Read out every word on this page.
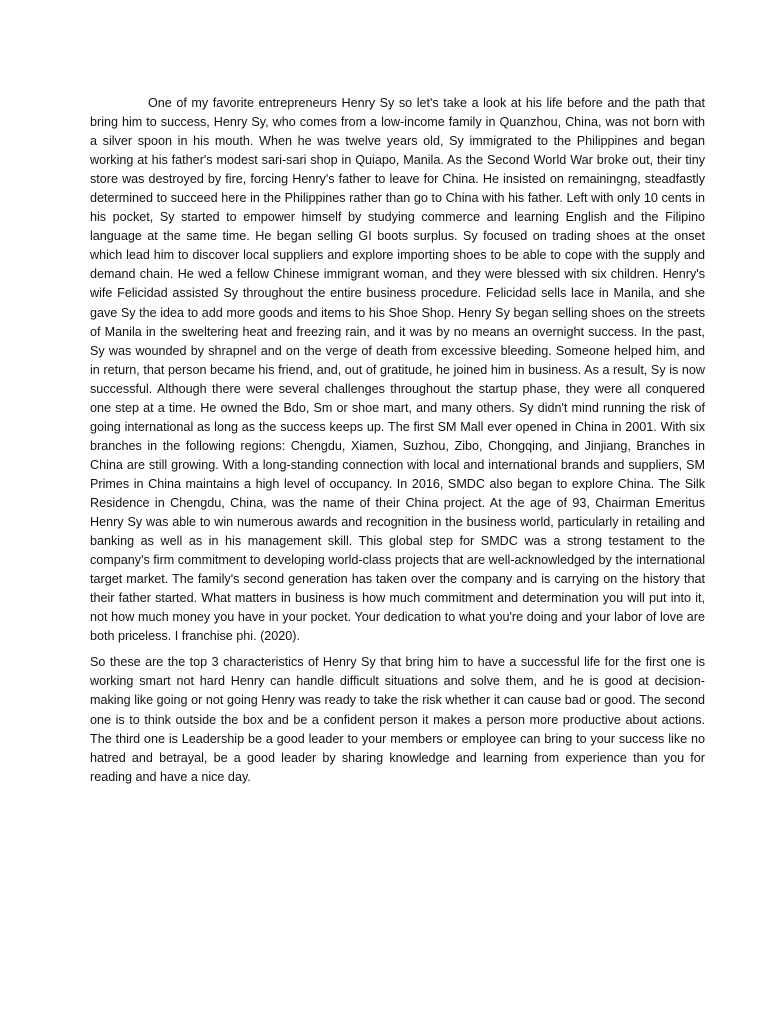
One of my favorite entrepreneurs Henry Sy so let's take a look at his life before and the path that bring him to success, Henry Sy, who comes from a low-income family in Quanzhou, China, was not born with a silver spoon in his mouth. When he was twelve years old, Sy immigrated to the Philippines and began working at his father's modest sari-sari shop in Quiapo, Manila. As the Second World War broke out, their tiny store was destroyed by fire, forcing Henry's father to leave for China. He insisted on remainingng, steadfastly determined to succeed here in the Philippines rather than go to China with his father. Left with only 10 cents in his pocket, Sy started to empower himself by studying commerce and learning English and the Filipino language at the same time. He began selling GI boots surplus. Sy focused on trading shoes at the onset which lead him to discover local suppliers and explore importing shoes to be able to cope with the supply and demand chain. He wed a fellow Chinese immigrant woman, and they were blessed with six children. Henry's wife Felicidad assisted Sy throughout the entire business procedure. Felicidad sells lace in Manila, and she gave Sy the idea to add more goods and items to his Shoe Shop. Henry Sy began selling shoes on the streets of Manila in the sweltering heat and freezing rain, and it was by no means an overnight success. In the past, Sy was wounded by shrapnel and on the verge of death from excessive bleeding. Someone helped him, and in return, that person became his friend, and, out of gratitude, he joined him in business. As a result, Sy is now successful. Although there were several challenges throughout the startup phase, they were all conquered one step at a time. He owned the Bdo, Sm or shoe mart, and many others. Sy didn't mind running the risk of going international as long as the success keeps up. The first SM Mall ever opened in China in 2001. With six branches in the following regions: Chengdu, Xiamen, Suzhou, Zibo, Chongqing, and Jinjiang, Branches in China are still growing. With a long-standing connection with local and international brands and suppliers, SM Primes in China maintains a high level of occupancy. In 2016, SMDC also began to explore China. The Silk Residence in Chengdu, China, was the name of their China project. At the age of 93, Chairman Emeritus Henry Sy was able to win numerous awards and recognition in the business world, particularly in retailing and banking as well as in his management skill. This global step for SMDC was a strong testament to the company's firm commitment to developing world-class projects that are well-acknowledged by the international target market. The family's second generation has taken over the company and is carrying on the history that their father started. What matters in business is how much commitment and determination you will put into it, not how much money you have in your pocket. Your dedication to what you're doing and your labor of love are both priceless. I franchise phi. (2020).

So these are the top 3 characteristics of Henry Sy that bring him to have a successful life for the first one is working smart not hard Henry can handle difficult situations and solve them, and he is good at decision-making like going or not going Henry was ready to take the risk whether it can cause bad or good. The second one is to think outside the box and be a confident person it makes a person more productive about actions. The third one is Leadership be a good leader to your members or employee can bring to your success like no hatred and betrayal, be a good leader by sharing knowledge and learning from experience than you for reading and have a nice day.
